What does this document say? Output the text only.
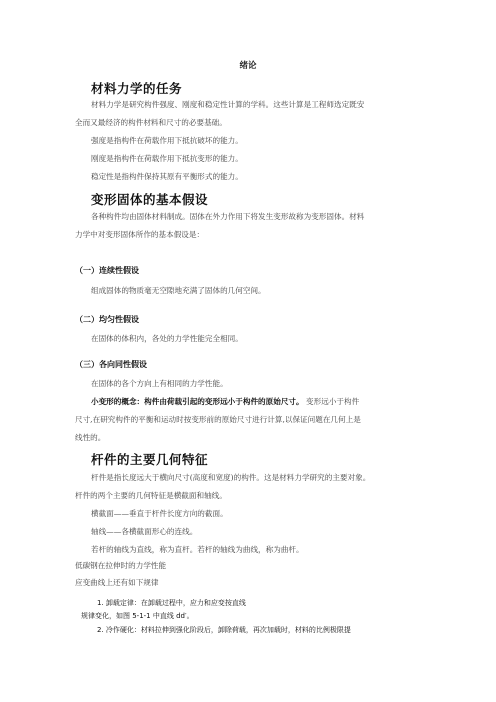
绪论
材料力学的任务
材料力学是研究构件强度、刚度和稳定性计算的学科。这些计算是工程师选定既安
全而又最经济的构件材料和尺寸的必要基础。
强度是指构件在荷载作用下抵抗破坏的能力。
刚度是指构件在荷载作用下抵抗变形的能力。
稳定性是指构件保持其原有平衡形式的能力。
变形固体的基本假设
各种构件均由固体材料制成。固体在外力作用下将发生变形故称为变形固体。材料
力学中对变形固体所作的基本假设是：
（一）连续性假设
组成固体的物质毫无空隙地充满了固体的几何空间。
（二）均匀性假设
在固体的体积内，各处的力学性能完全相同。
（三）各向同性假设
在固体的各个方向上有相同的力学性能。
小变形的概念：构件由荷载引起的变形远小于构件的原始尺寸。 变形远小于构件
尺寸,在研究构件的平衡和运动时按变形前的原始尺寸进行计算,以保证问题在几何上是
线性的。
杆件的主要几何特征
杆件是指长度远大于横向尺寸(高度和宽度)的构件。这是材料力学研究的主要对象。
杆件的两个主要的几何特征是横截面和轴线。
横截面——垂直于杆件长度方向的截面。
轴线——各横截面形心的连线。
若杆的轴线为直线，称为直杆。若杆的轴线为曲线，称为曲杆。
低碳钢在拉伸时的力学性能
应变曲线上还有如下规律
1. 卸载定律：在卸载过程中，应力和应变按直线
规律变化，如图 5-1-1 中直线 dd′。
2. 冷作硬化：材料拉伸到强化阶段后，卸除荷载，再次加载时，材料的比例极限提
